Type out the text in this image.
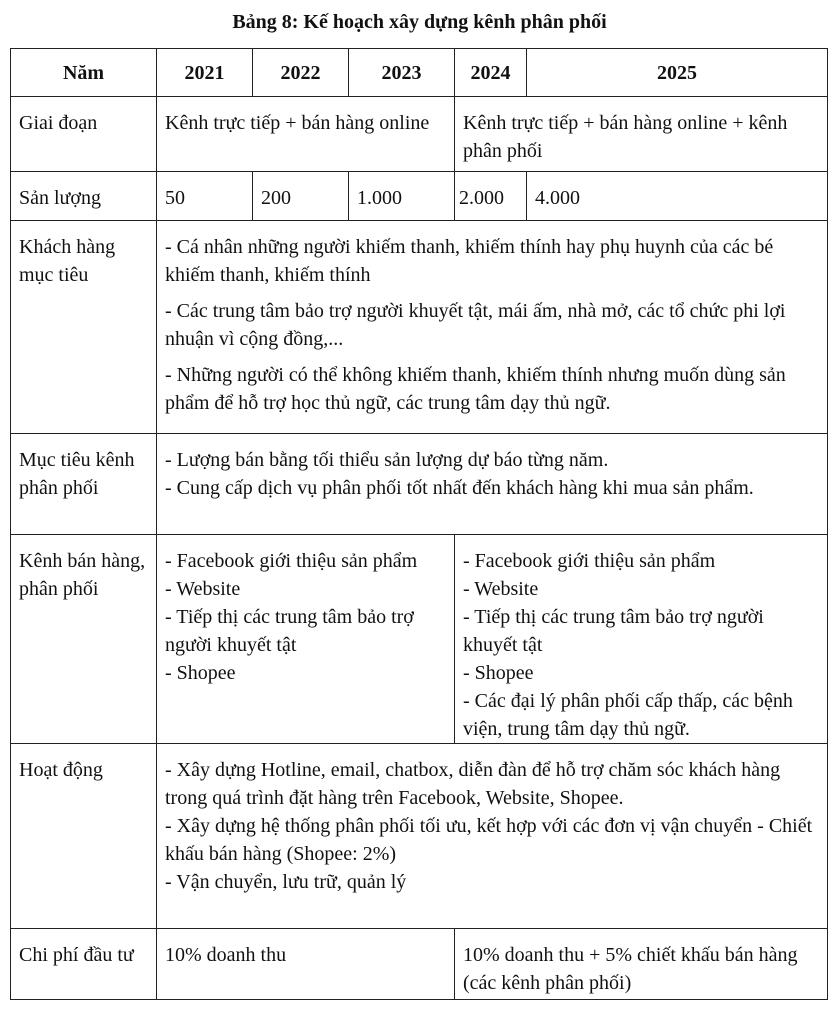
Bảng 8: Kế hoạch xây dựng kênh phân phối
Năm	2021	2022	2023	2024	2025
Giai đoạn	Kênh trực tiếp + bán hàng online			Kênh trực tiếp + bán hàng online + kênh phân phối	
Sản lượng	50	200	1.000	2.000	4.000
Khách hàng mục tiêu	- Cá nhân những người khiếm thanh, khiếm thính hay phụ huynh của các bé khiếm thanh, khiếm thính
- Các trung tâm bảo trợ người khuyết tật, mái ấm, nhà mở, các tổ chức phi lợi nhuận vì cộng đồng,...
- Những người có thể không khiếm thanh, khiếm thính nhưng muốn dùng sản phẩm để hỗ trợ học thủ ngữ, các trung tâm dạy thủ ngữ.				

Mục tiêu kênh phân phối	- Lượng bán bằng tối thiểu sản lượng dự báo từng năm.
- Cung cấp dịch vụ phân phối tốt nhất đến khách hàng khi mua sản phẩm.				

Kênh bán hàng, phân phối	- Facebook giới thiệu sản phẩm
- Website
- Tiếp thị các trung tâm bảo trợ người khuyết tật
- Shopee			- Facebook giới thiệu sản phẩm
- Website
- Tiếp thị các trung tâm bảo trợ người khuyết tật
- Shopee
- Các đại lý phân phối cấp thấp, các bệnh viện, trung tâm dạy thủ ngữ.	

Hoạt động	- Xây dựng Hotline, email, chatbox, diễn đàn để hỗ trợ chăm sóc khách hàng trong quá trình đặt hàng trên Facebook, Website, Shopee.
- Xây dựng hệ thống phân phối tối ưu, kết hợp với các đơn vị vận chuyển - Chiết khấu bán hàng (Shopee: 2%)
- Vận chuyển, lưu trữ, quản lý				

Chi phí đầu tư	10% doanh thu			10% doanh thu + 5% chiết khấu bán hàng (các kênh phân phối)	
